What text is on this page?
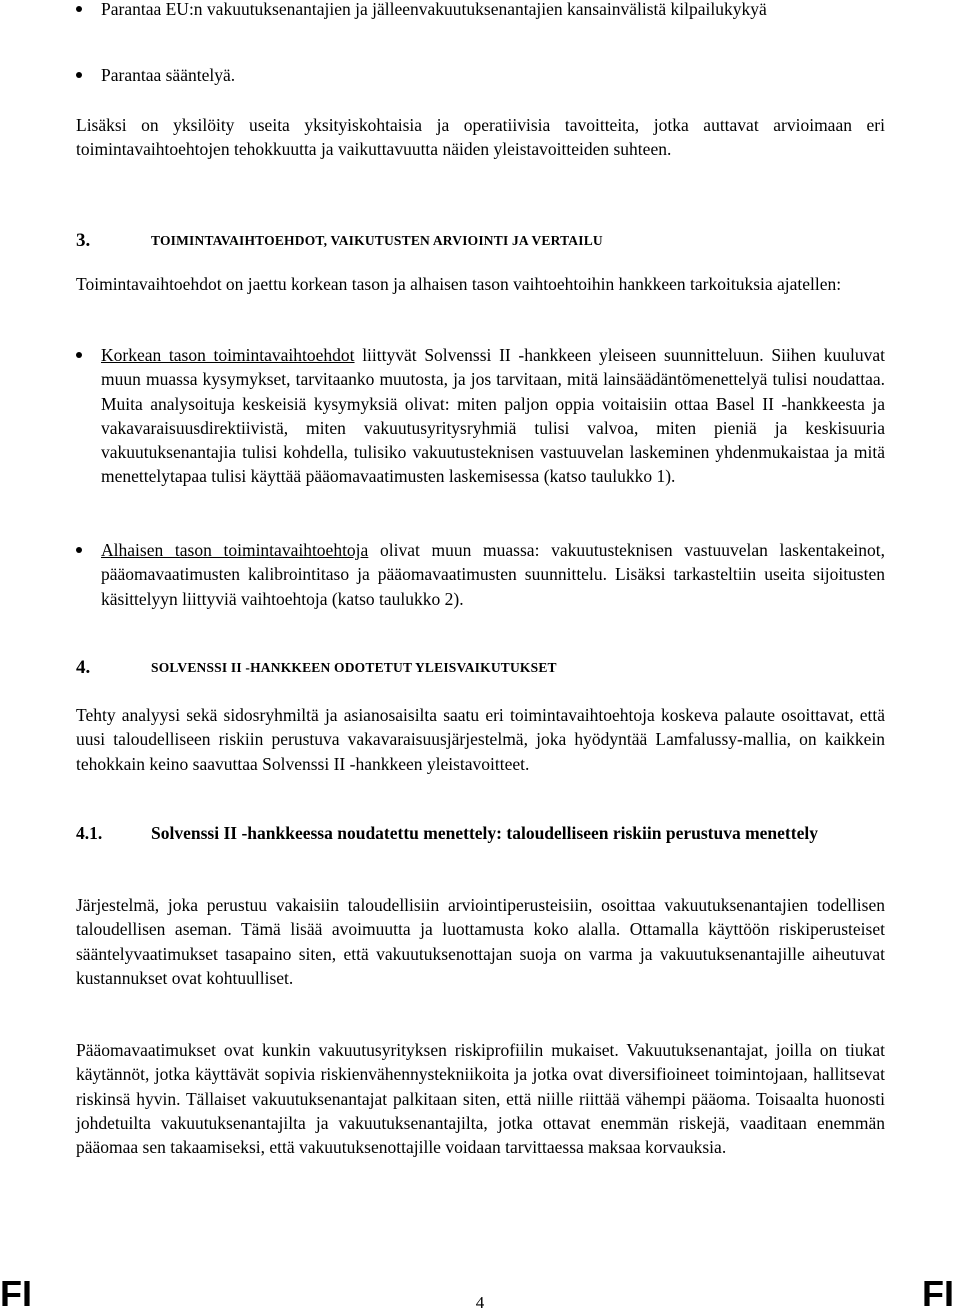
Parantaa EU:n vakuutuksenantajien ja jälleenvakuutuksenantajien kansainvälistä kilpailukykyä
Parantaa sääntelyä.

Lisäksi on yksilöity useita yksityiskohtaisia ja operatiivisia tavoitteita, jotka auttavat arvioimaan eri toimintavaihtoehtojen tehokkuutta ja vaikuttavuutta näiden yleistavoitteiden suhteen.

3.	TOIMINTAVAIHTOEHDOT, VAIKUTUSTEN ARVIOINTI JA VERTAILU

Toimintavaihtoehdot on jaettu korkean tason ja alhaisen tason vaihtoehtoihin hankkeen tarkoituksia ajatellen:

Korkean tason toimintavaihtoehdot liittyvät Solvenssi II -hankkeen yleiseen suunnitteluun. Siihen kuuluvat muun muassa kysymykset, tarvitaanko muutosta, ja jos tarvitaan, mitä lainsäädäntömenettelyä tulisi noudattaa. Muita analysoituja keskeisiä kysymyksiä olivat: miten paljon oppia voitaisiin ottaa Basel II -hankkeesta ja vakavaraisuusdirektiivistä, miten vakuutusyritysryhmiä tulisi valvoa, miten pieniä ja keskisuuria vakuutuksenantajia tulisi kohdella, tulisiko vakuutusteknisen vastuuvelan laskeminen yhdenmukaistaa ja mitä menettelytapaa tulisi käyttää pääomavaatimusten laskemisessa (katso taulukko 1).
Alhaisen tason toimintavaihtoehtoja olivat muun muassa: vakuutusteknisen vastuuvelan laskentakeinot, pääomavaatimusten kalibrointitaso ja pääomavaatimusten suunnittelu. Lisäksi tarkasteltiin useita sijoitusten käsittelyyn liittyviä vaihtoehtoja (katso taulukko 2).
4.	SOLVENSSI II -HANKKEEN ODOTETUT YLEISVAIKUTUKSET

Tehty analyysi sekä sidosryhmiltä ja asianosaisilta saatu eri toimintavaihtoehtoja koskeva palaute osoittavat, että uusi taloudelliseen riskiin perustuva vakavaraisuusjärjestelmä, joka hyödyntää Lamfalussy-mallia, on kaikkein tehokkain keino saavuttaa Solvenssi II -hankkeen yleistavoitteet.

4.1.	Solvenssi II -hankkeessa noudatettu menettely: taloudelliseen riskiin perustuva menettely

Järjestelmä, joka perustuu vakaisiin taloudellisiin arviointiperusteisiin, osoittaa vakuutuksenantajien todellisen taloudellisen aseman. Tämä lisää avoimuutta ja luottamusta koko alalla. Ottamalla käyttöön riskiperusteiset sääntelyvaatimukset tasapaino siten, että vakuutuksenottajan suoja on varma ja vakuutuksenantajille aiheutuvat kustannukset ovat kohtuulliset.

Pääomavaatimukset ovat kunkin vakuutusyrityksen riskiprofiilin mukaiset. Vakuutuksenantajat, joilla on tiukat käytännöt, jotka käyttävät sopivia riskienvähennystekniikoita ja jotka ovat diversifioineet toimintojaan, hallitsevat riskinsä hyvin. Tällaiset vakuutuksenantajat palkitaan siten, että niille riittää vähempi pääoma. Toisaalta huonosti johdetuilta vakuutuksenantajilta ja vakuutuksenantajilta, jotka ottavat enemmän riskejä, vaaditaan enemmän pääomaa sen takaamiseksi, että vakuutuksenottajille voidaan tarvittaessa maksaa korvauksia.

FI	4	FI
